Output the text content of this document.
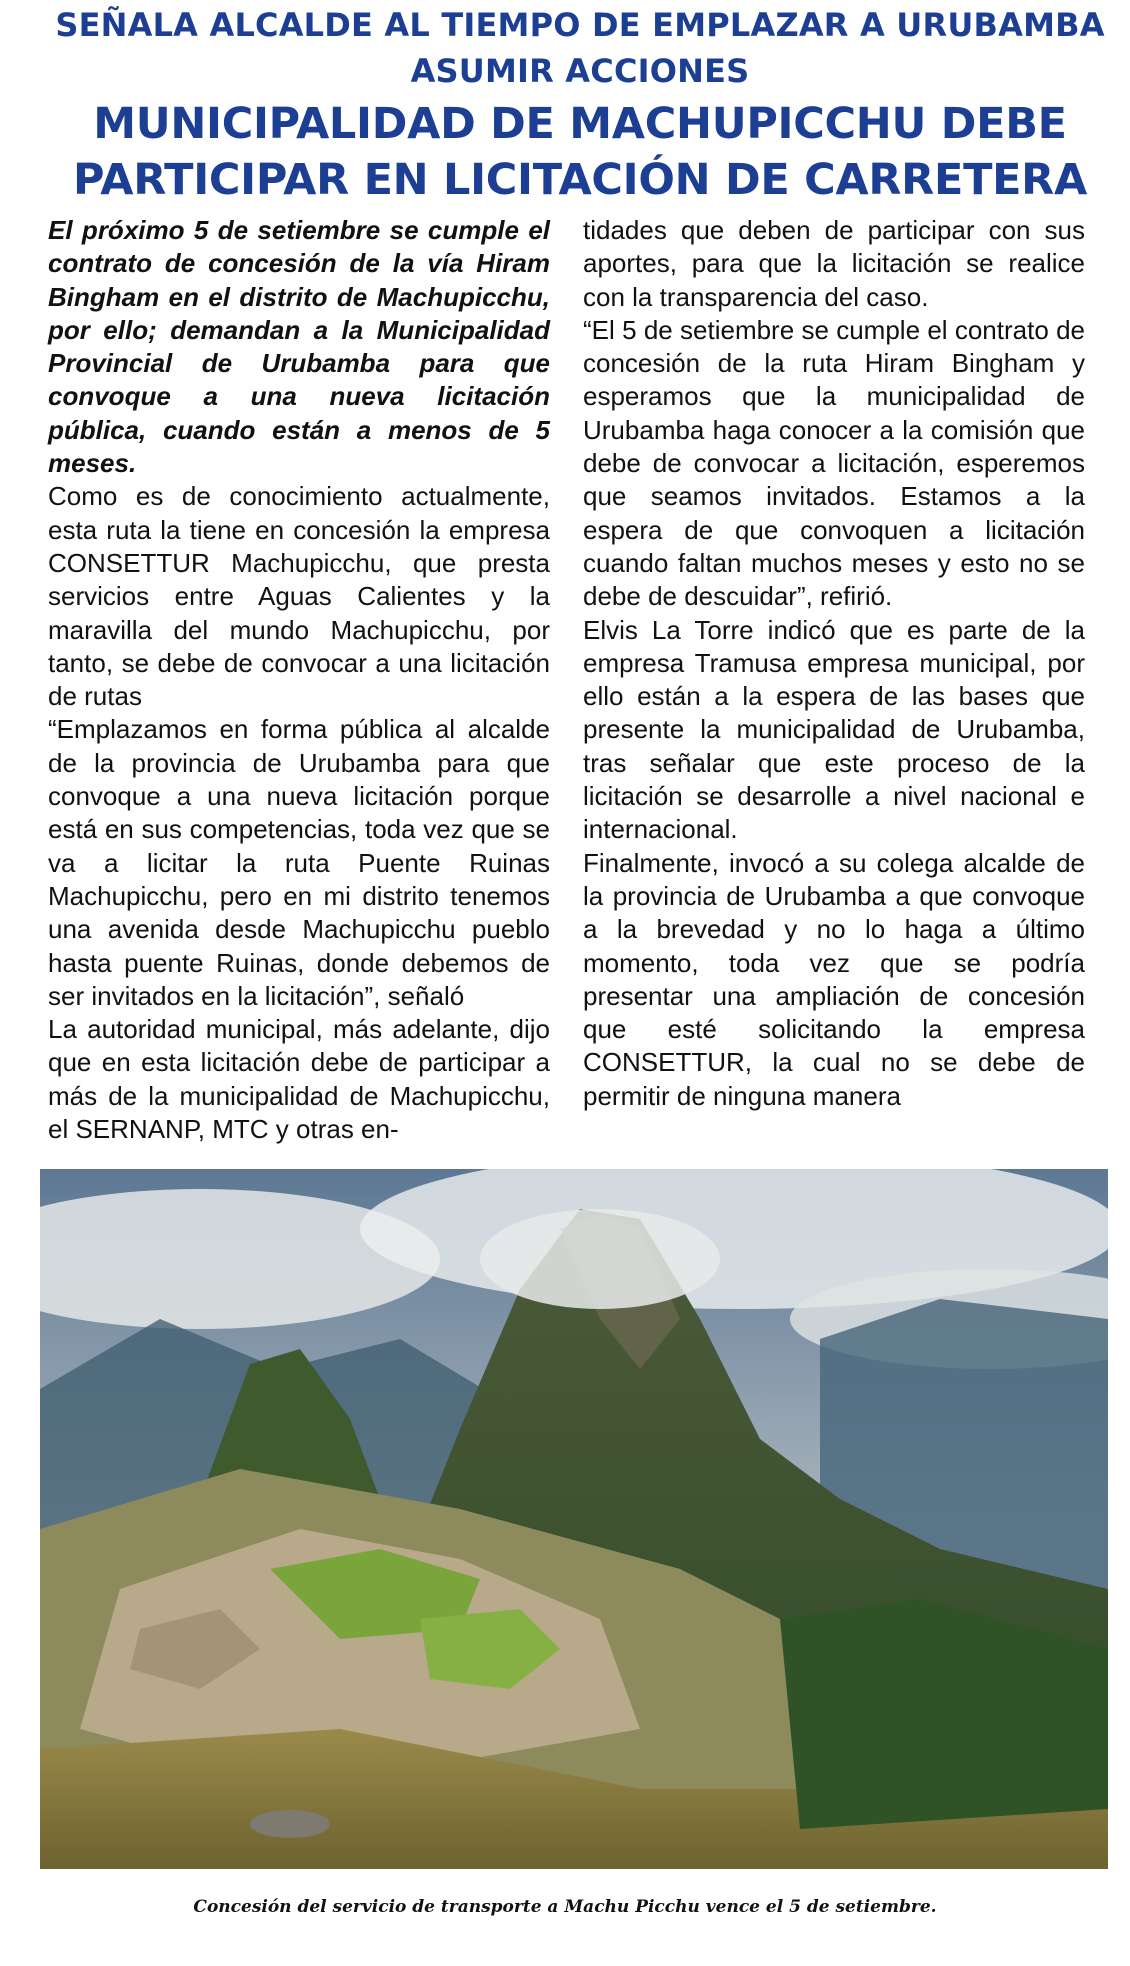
SEÑALA ALCALDE AL TIEMPO DE EMPLAZAR A URUBAMBA ASUMIR ACCIONES
MUNICIPALIDAD DE MACHUPICCHU DEBE PARTICIPAR EN LICITACIÓN DE CARRETERA

El próximo 5 de setiembre se cumple el contrato de concesión de la vía Hiram Bingham en el distrito de Machupicchu, por ello; demandan a la Municipalidad Provincial de Urubamba para que convoque a una nueva licitación pública, cuando están a menos de 5 meses.

Como es de conocimiento actualmente, esta ruta la tiene en concesión la empresa CONSETTUR Machupicchu, que presta servicios entre Aguas Calientes y la maravilla del mundo Machupicchu, por tanto, se debe de convocar a una licitación de rutas

“Emplazamos en forma pública al alcalde de la provincia de Urubamba para que convoque a una nueva licitación porque está en sus competencias, toda vez que se va a licitar la ruta Puente Ruinas Machupicchu, pero en mi distrito tenemos una avenida desde Machupicchu pueblo hasta puente Ruinas, donde debemos de ser invitados en la licitación”, señaló

La autoridad municipal, más adelante, dijo que en esta licitación debe de participar a más de la municipalidad de Machupicchu, el SERNANP, MTC y otras en-

tidades que deben de participar con sus aportes, para que la licitación se realice con la transparencia del caso.

“El 5 de setiembre se cumple el contrato de concesión de la ruta Hiram Bingham y esperamos que la municipalidad de Urubamba haga conocer a la comisión que debe de convocar a licitación, esperemos que seamos invitados. Estamos a la espera de que convoquen a licitación cuando faltan muchos meses y esto no se debe de descuidar”, refirió.

Elvis La Torre indicó que es parte de la empresa Tramusa empresa municipal, por ello están a la espera de las bases que presente la municipalidad de Urubamba, tras señalar que este proceso de la licitación se desarrolle a nivel nacional e internacional.

Finalmente, invocó a su colega alcalde de la provincia de Urubamba a que convoque a la brevedad y no lo haga a último momento, toda vez que se podría presentar una ampliación de concesión que esté solicitando la empresa CONSETTUR, la cual no se debe de permitir de ninguna manera

Concesión del servicio de transporte a Machu Picchu vence el 5 de setiembre.
